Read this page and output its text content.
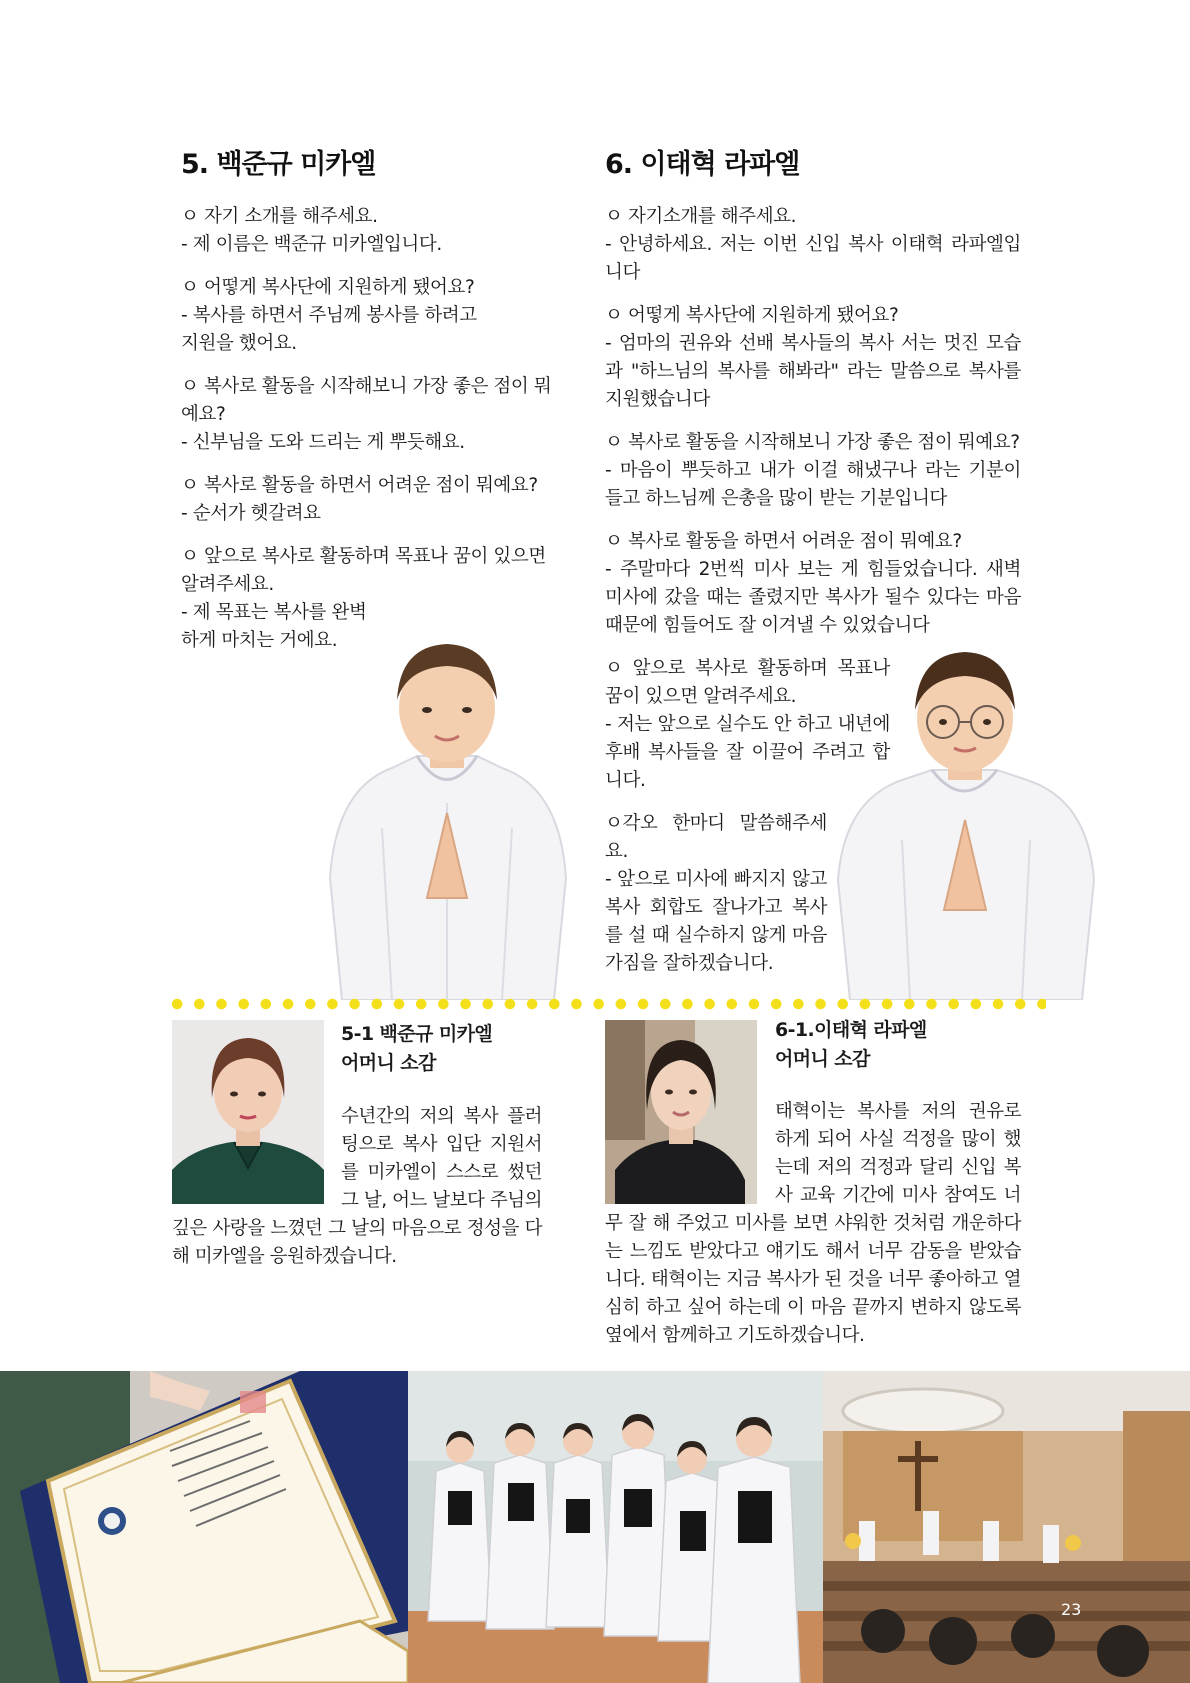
5. 백준규 미카엘

ㅇ 자기 소개를 해주세요.
- 제 이름은 백준규 미카엘입니다.

ㅇ 어떻게 복사단에 지원하게 됐어요?
- 복사를 하면서 주님께 봉사를 하려고 지원을 했어요.

ㅇ 복사로 활동을 시작해보니 가장 좋은 점이 뭐예요?
- 신부님을 도와 드리는 게 뿌듯해요.

ㅇ 복사로 활동을 하면서 어려운 점이 뭐예요?
- 순서가 헷갈려요

ㅇ 앞으로 복사로 활동하며 목표나 꿈이 있으면 알려주세요.
- 제 목표는 복사를 완벽하게 마치는 거에요.

6. 이태혁 라파엘

ㅇ 자기소개를 해주세요.
- 안녕하세요. 저는 이번 신입 복사 이태혁 라파엘입니다

ㅇ 어떻게 복사단에 지원하게 됐어요?
- 엄마의 권유와 선배 복사들의 복사 서는 멋진 모습과 "하느님의 복사를 해봐라" 라는 말씀으로 복사를 지원했습니다

ㅇ 복사로 활동을 시작해보니 가장 좋은 점이 뭐예요?
- 마음이 뿌듯하고 내가 이걸 해냈구나 라는 기분이 들고 하느님께 은총을 많이 받는 기분입니다

ㅇ 복사로 활동을 하면서 어려운 점이 뭐예요?
- 주말마다 2번씩 미사 보는 게 힘들었습니다. 새벽 미사에 갔을 때는 졸렸지만 복사가 될수 있다는 마음 때문에 힘들어도 잘 이겨낼 수 있었습니다

ㅇ 앞으로 복사로 활동하며 목표나 꿈이 있으면 알려주세요.
- 저는 앞으로 실수도 안 하고 내년에 후배 복사들을 잘 이끌어 주려고 합니다.

ㅇ각오 한마디 말씀해주세요.
- 앞으로 미사에 빠지지 않고 복사 회합도 잘나가고 복사를 설 때 실수하지 않게 마음가짐을 잘하겠습니다.

5-1 백준규 미카엘
어머니 소감
수년간의 저의 복사 플러팅으로 복사 입단 지원서를 미카엘이 스스로 썼던 그 날, 어느 날보다 주님의 깊은 사랑을 느꼈던 그 날의 마음으로 정성을 다해 미카엘을 응원하겠습니다.
6-1.이태혁 라파엘
어머니 소감
태혁이는 복사를 저의 권유로 하게 되어 사실 걱정을 많이 했는데 저의 걱정과 달리 신입 복사 교육 기간에 미사 참여도 너무 잘 해 주었고 미사를 보면 샤워한 것처럼 개운하다는 느낌도 받았다고 얘기도 해서 너무 감동을 받았습니다. 태혁이는 지금 복사가 된 것을 너무 좋아하고 열심히 하고 싶어 하는데 이 마음 끝까지 변하지 않도록 옆에서 함께하고 기도하겠습니다.
23
